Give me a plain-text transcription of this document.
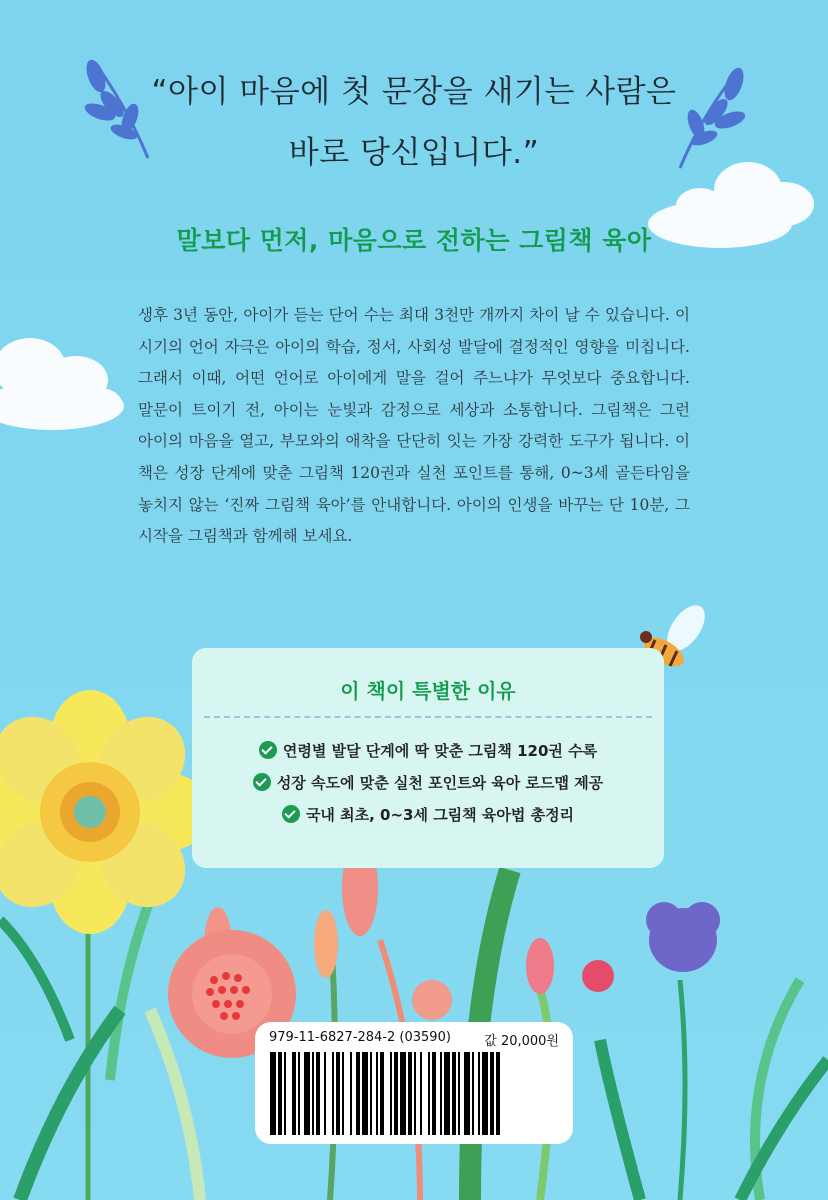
“아이 마음에 첫 문장을 새기는 사람은
바로 당신입니다.”
말보다 먼저, 마음으로 전하는 그림책 육아
생후 3년 동안, 아이가 듣는 단어 수는 최대 3천만 개까지 차이 날 수 있습니다. 이 시기의 언어 자극은 아이의 학습, 정서, 사회성 발달에 결정적인 영향을 미칩니다. 그래서 이때, 어떤 언어로 아이에게 말을 걸어 주느냐가 무엇보다 중요합니다. 말문이 트이기 전, 아이는 눈빛과 감정으로 세상과 소통합니다. 그림책은 그런 아이의 마음을 열고, 부모와의 애착을 단단히 잇는 가장 강력한 도구가 됩니다. 이 책은 성장 단계에 맞춘 그림책 120권과 실천 포인트를 통해, 0~3세 골든타임을 놓치지 않는 ‘진짜 그림책 육아’를 안내합니다. 아이의 인생을 바꾸는 단 10분, 그 시작을 그림책과 함께해 보세요.
이 책이 특별한 이유
연령별 발달 단계에 딱 맞춘 그림책 120권 수록
성장 속도에 맞춘 실천 포인트와 육아 로드맵 제공
국내 최초, 0~3세 그림책 육아법 총정리
979-11-6827-284-2 (03590)	값 20,000원
